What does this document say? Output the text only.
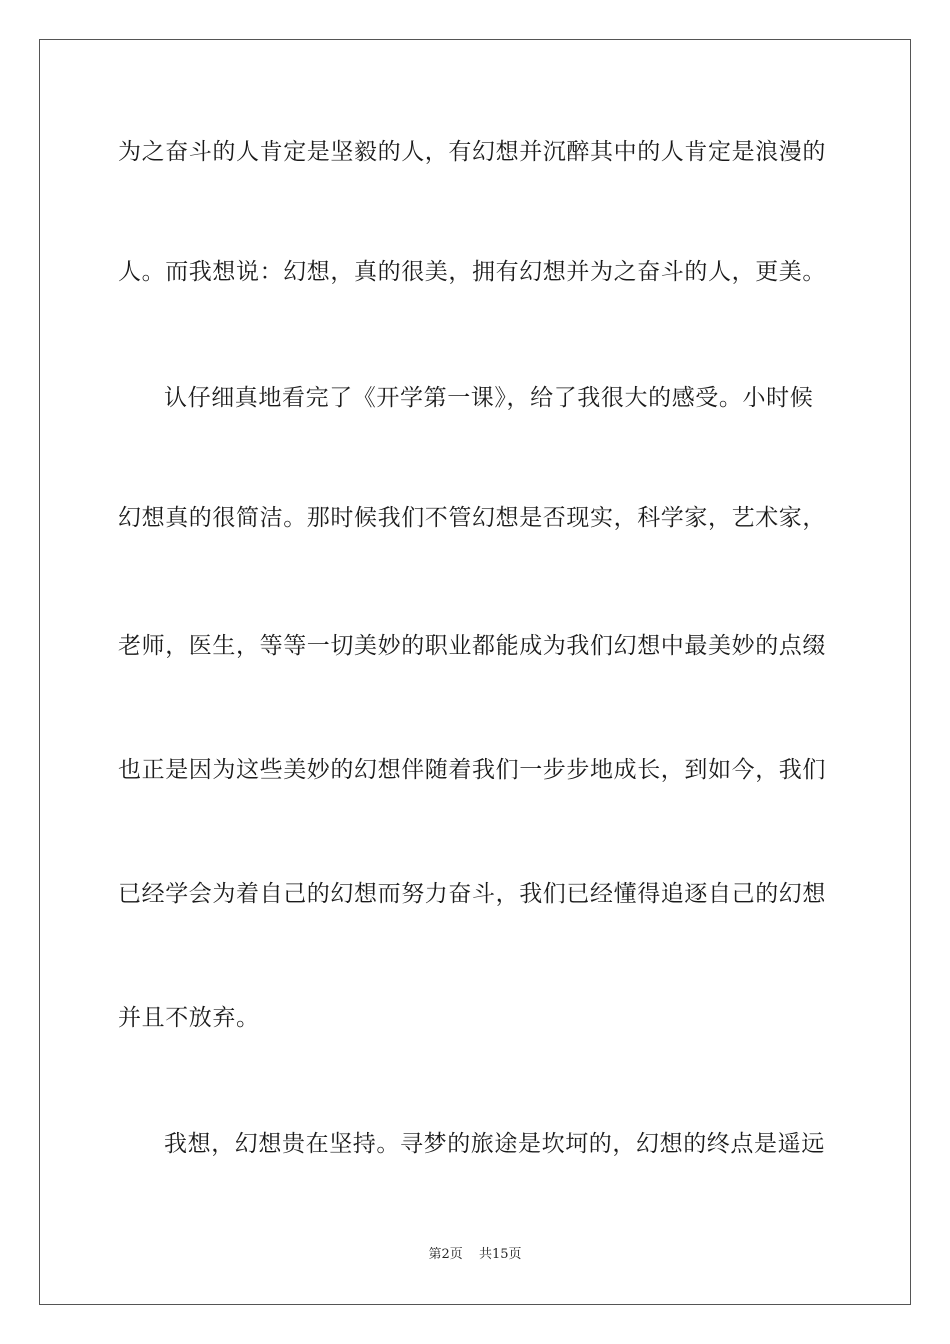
为之奋斗的人肯定是坚毅的人，有幻想并沉醉其中的人肯定是浪漫的
人。而我想说：幻想，真的很美，拥有幻想并为之奋斗的人，更美。
认仔细真地看完了《开学第一课》，给了我很大的感受。小时候
幻想真的很简洁。那时候我们不管幻想是否现实，科学家，艺术家，
老师，医生，等等一切美妙的职业都能成为我们幻想中最美妙的点缀
也正是因为这些美妙的幻想伴随着我们一步步地成长，到如今，我们
已经学会为着自己的幻想而努力奋斗，我们已经懂得追逐自己的幻想
并且不放弃。
我想，幻想贵在坚持。寻梦的旅途是坎坷的，幻想的终点是遥远
第2页 共15页
